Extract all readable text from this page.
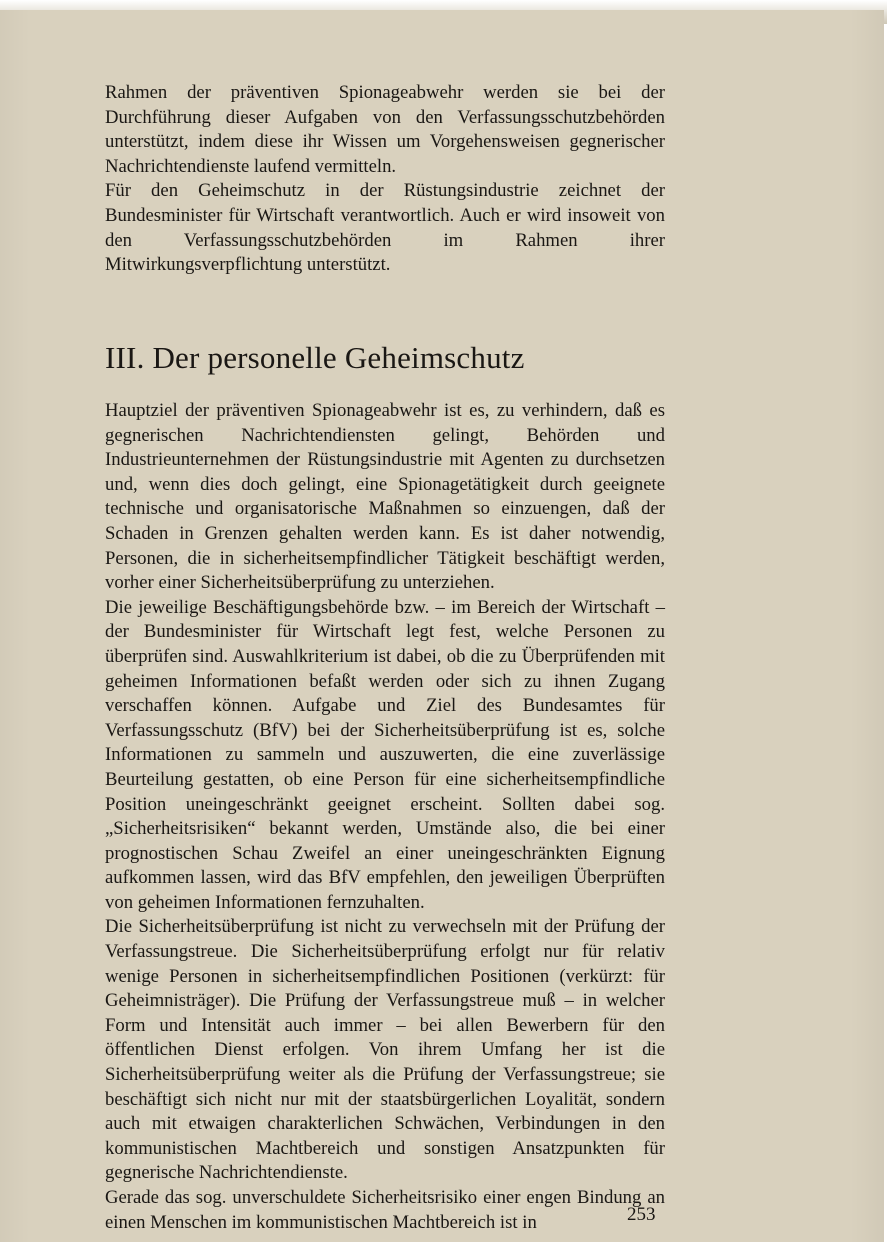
Rahmen der präventiven Spionageabwehr werden sie bei der Durchführung dieser Aufgaben von den Verfassungsschutzbehörden unterstützt, indem diese ihr Wissen um Vorgehensweisen gegnerischer Nachrichtendienste laufend vermitteln.

Für den Geheimschutz in der Rüstungsindustrie zeichnet der Bundesminister für Wirtschaft verantwortlich. Auch er wird insoweit von den Verfassungsschutzbehörden im Rahmen ihrer Mitwirkungsverpflichtung unterstützt.

III. Der personelle Geheimschutz

Hauptziel der präventiven Spionageabwehr ist es, zu verhindern, daß es gegnerischen Nachrichtendiensten gelingt, Behörden und Industrieunternehmen der Rüstungsindustrie mit Agenten zu durchsetzen und, wenn dies doch gelingt, eine Spionagetätigkeit durch geeignete technische und organisatorische Maßnahmen so einzuengen, daß der Schaden in Grenzen gehalten werden kann. Es ist daher notwendig, Personen, die in sicherheitsempfindlicher Tätigkeit beschäftigt werden, vorher einer Sicherheitsüberprüfung zu unterziehen.

Die jeweilige Beschäftigungsbehörde bzw. – im Bereich der Wirtschaft – der Bundesminister für Wirtschaft legt fest, welche Personen zu überprüfen sind. Auswahlkriterium ist dabei, ob die zu Überprüfenden mit geheimen Informationen befaßt werden oder sich zu ihnen Zugang verschaffen können. Aufgabe und Ziel des Bundesamtes für Verfassungsschutz (BfV) bei der Sicherheitsüberprüfung ist es, solche Informationen zu sammeln und auszuwerten, die eine zuverlässige Beurteilung gestatten, ob eine Person für eine sicherheitsempfindliche Position uneingeschränkt geeignet erscheint. Sollten dabei sog. „Sicherheitsrisiken“ bekannt werden, Umstände also, die bei einer prognostischen Schau Zweifel an einer uneingeschränkten Eignung aufkommen lassen, wird das BfV empfehlen, den jeweiligen Überprüften von geheimen Informationen fernzuhalten.

Die Sicherheitsüberprüfung ist nicht zu verwechseln mit der Prüfung der Verfassungstreue. Die Sicherheitsüberprüfung erfolgt nur für relativ wenige Personen in sicherheitsempfindlichen Positionen (verkürzt: für Geheimnisträger). Die Prüfung der Verfassungstreue muß – in welcher Form und Intensität auch immer – bei allen Bewerbern für den öffentlichen Dienst erfolgen. Von ihrem Umfang her ist die Sicherheitsüberprüfung weiter als die Prüfung der Verfassungstreue; sie beschäftigt sich nicht nur mit der staatsbürgerlichen Loyalität, sondern auch mit etwaigen charakterlichen Schwächen, Verbindungen in den kommunistischen Machtbereich und sonstigen Ansatzpunkten für gegnerische Nachrichtendienste.

Gerade das sog. unverschuldete Sicherheitsrisiko einer engen Bindung an einen Menschen im kommunistischen Machtbereich ist in	253
